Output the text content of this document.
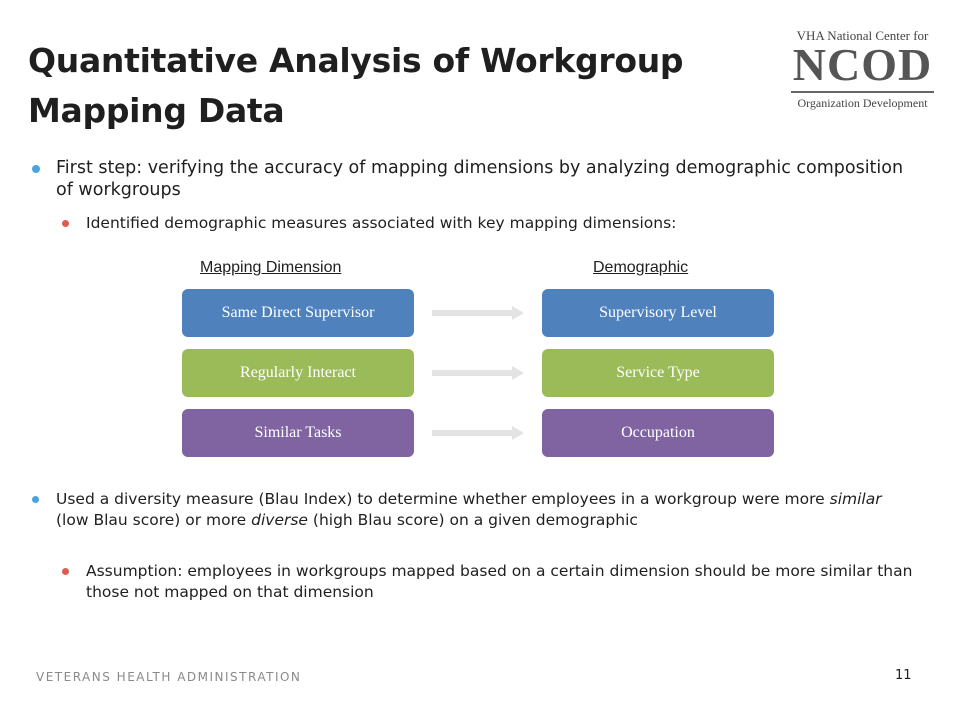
Quantitative Analysis of Workgroup Mapping Data
VHA National Center for
NCOD
Organization Development
First step: verifying the accuracy of mapping dimensions by analyzing demographic composition of workgroups
Identified demographic measures associated with key mapping dimensions:
Mapping Dimension	Demographic
Same Direct Supervisor	Supervisory Level
Regularly Interact	Service Type
Similar Tasks	Occupation
Used a diversity measure (Blau Index) to determine whether employees in a workgroup were more similar (low Blau score) or more diverse (high Blau score) on a given demographic
Assumption: employees in workgroups mapped based on a certain dimension should be more similar than those not mapped on that dimension
VETERANS HEALTH ADMINISTRATION	11
